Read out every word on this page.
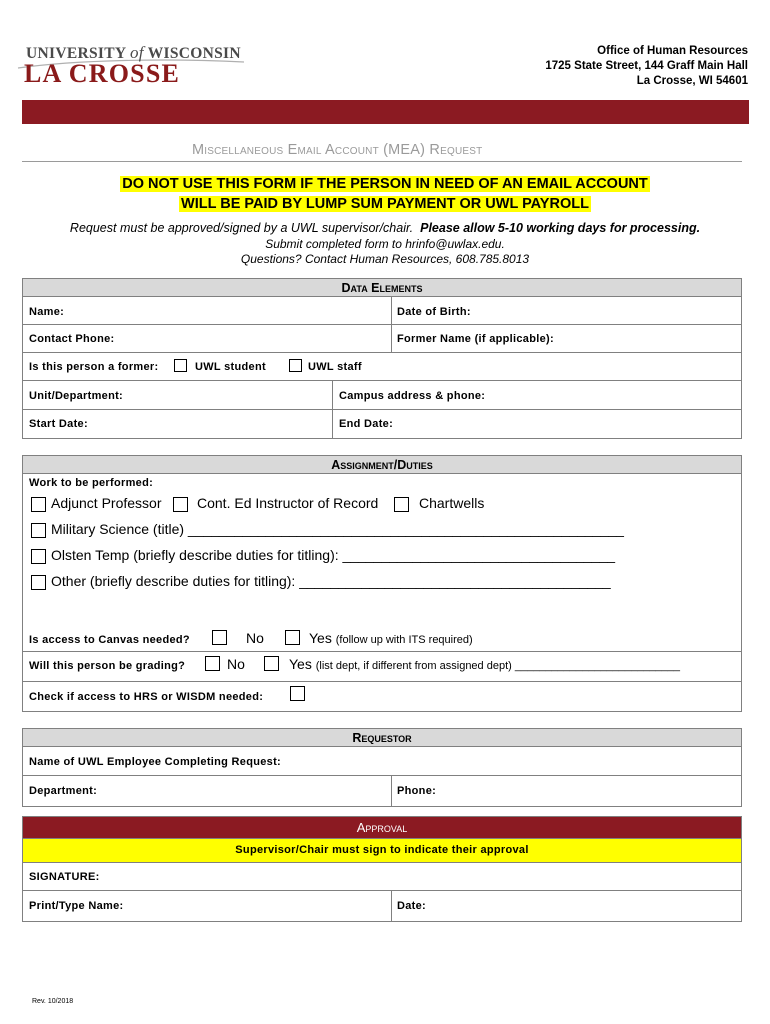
UNIVERSITY of WISCONSIN
LA CROSSE
Office of Human Resources
1725 State Street, 144 Graff Main Hall
La Crosse, WI 54601
Miscellaneous Email Account (MEA) Request
DO NOT USE THIS FORM IF THE PERSON IN NEED OF AN EMAIL ACCOUNT
WILL BE PAID BY LUMP SUM PAYMENT OR UWL PAYROLL
Request must be approved/signed by a UWL supervisor/chair. Please allow 5-10 working days for processing.
Submit completed form to hrinfo@uwlax.edu.
Questions? Contact Human Resources, 608.785.8013
Data Elements
Name:	Date of Birth:
Contact Phone:	Former Name (if applicable):
Is this person a former:	UWL student	UWL staff
Unit/Department:	Campus address & phone:
Start Date:	End Date:
Assignment/Duties
Work to be performed:
Adjunct Professor	Cont. Ed Instructor of Record	Chartwells
Military Science (title) ________________________________________________________
Olsten Temp (briefly describe duties for titling): ___________________________________
Other (briefly describe duties for titling): ________________________________________
Is access to Canvas needed?	No	Yes (follow up with ITS required)
Will this person be grading?	No	Yes (list dept, if different from assigned dept) ___________________________
Check if access to HRS or WISDM needed:
Requestor
Name of UWL Employee Completing Request:
Department:	Phone:
Approval
Supervisor/Chair must sign to indicate their approval
SIGNATURE:
Print/Type Name:	Date:
Rev. 10/2018
